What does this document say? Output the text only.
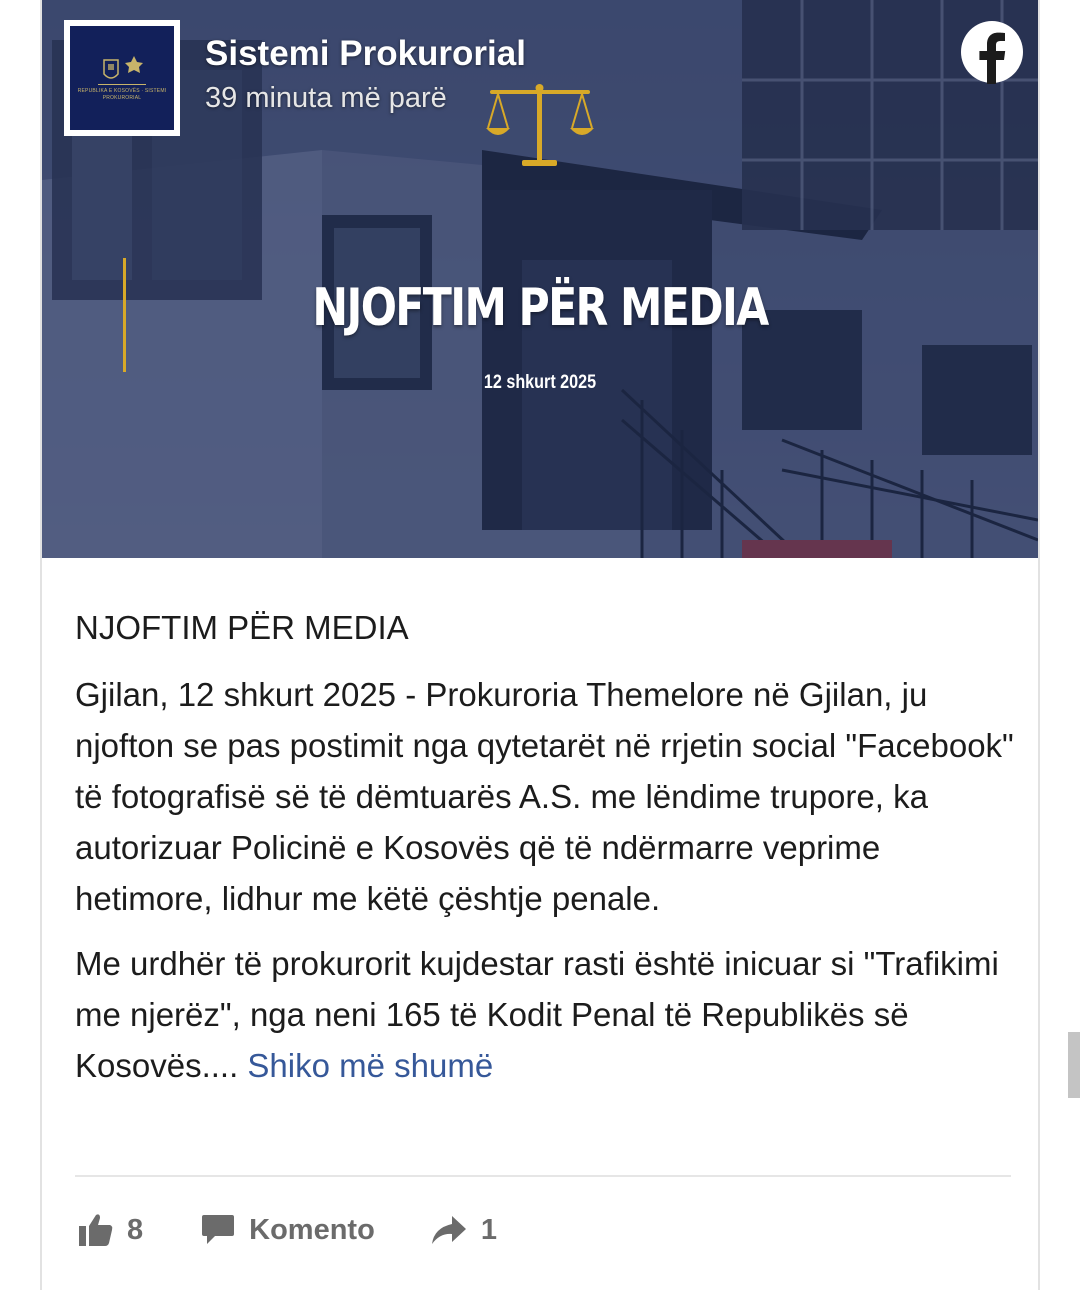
REPUBLIKA E KOSOVËS · SISTEMI PROKURORIAL
Sistemi Prokurorial
39 minuta më parë
NJOFTIM PËR MEDIA
12 shkurt 2025
NJOFTIM PËR MEDIA

Gjilan, 12 shkurt 2025 - Prokuroria Themelore në Gjilan, ju njofton se pas postimit nga qytetarët në rrjetin social "Facebook" të fotografisë së të dëmtuarës A.S. me lëndime trupore, ka autorizuar Policinë e Kosovës që të ndërmarre veprime hetimore, lidhur me këtë çështje penale.

Me urdhër të prokurorit kujdestar rasti është inicuar si "Trafikimi me njerëz", nga neni 165 të Kodit Penal të Republikës së Kosovës.... Shiko më shumë

8	Komento	1
